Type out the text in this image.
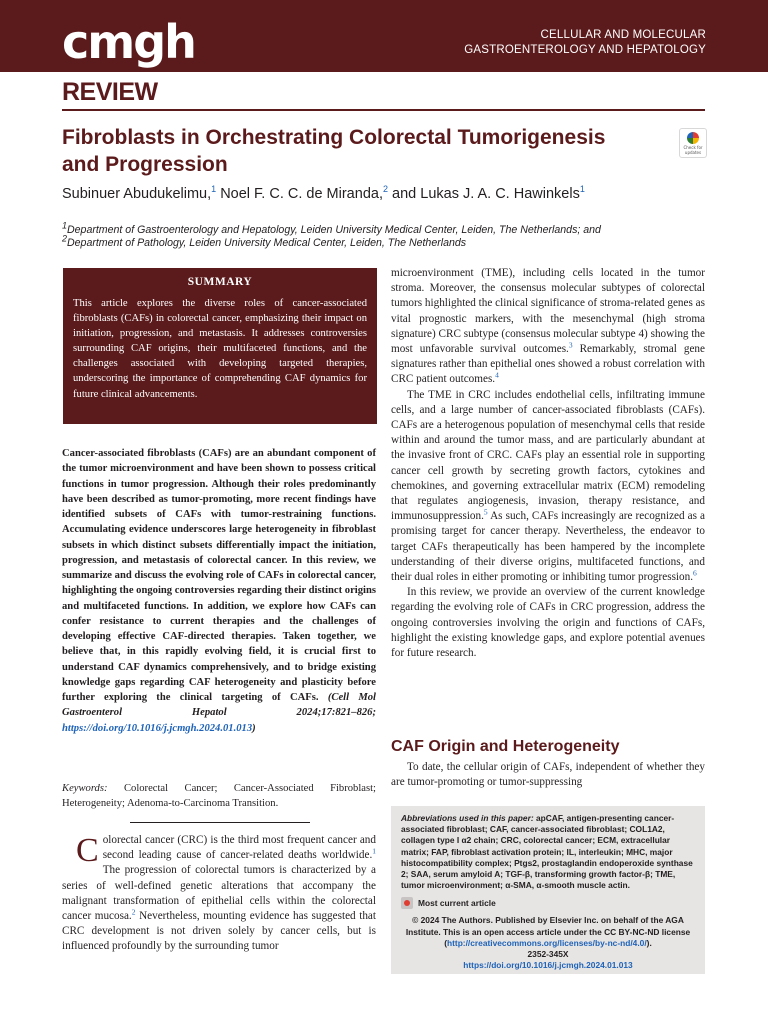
cmgh	CELLULAR AND MOLECULAR
GASTROENTEROLOGY AND HEPATOLOGY
REVIEW
Fibroblasts in Orchestrating Colorectal Tumorigenesis and Progression
Check for updates
Subinuer Abudukelimu,$^1$ Noel F. C. C. de Miranda,$^2$ and Lukas J. A. C. Hawinkels$^1$
$^1$Department of Gastroenterology and Hepatology, Leiden University Medical Center, Leiden, The Netherlands; and
$^2$Department of Pathology, Leiden University Medical Center, Leiden, The Netherlands
SUMMARY

This article explores the diverse roles of cancer-associated fibroblasts (CAFs) in colorectal cancer, emphasizing their impact on initiation, progression, and metastasis. It addresses controversies surrounding CAF origins, their multifaceted functions, and the challenges associated with developing targeted therapies, underscoring the importance of comprehending CAF dynamics for future clinical advancements.

Cancer-associated fibroblasts (CAFs) are an abundant component of the tumor microenvironment and have been shown to possess critical functions in tumor progression. Although their roles predominantly have been described as tumor-promoting, more recent findings have identified subsets of CAFs with tumor-restraining functions. Accumulating evidence underscores large heterogeneity in fibroblast subsets in which distinct subsets differentially impact the initiation, progression, and metastasis of colorectal cancer. In this review, we summarize and discuss the evolving role of CAFs in colorectal cancer, highlighting the ongoing controversies regarding their distinct origins and multifaceted functions. In addition, we explore how CAFs can confer resistance to current therapies and the challenges of developing effective CAF-directed therapies. Taken together, we believe that, in this rapidly evolving field, it is crucial first to understand CAF dynamics comprehensively, and to bridge existing knowledge gaps regarding CAF heterogeneity and plasticity before further exploring the clinical targeting of CAFs. (Cell Mol Gastroenterol Hepatol 2024;17:821–826; https://doi.org/10.1016/j.jcmgh.2024.01.013)

Keywords: Colorectal Cancer; Cancer-Associated Fibroblast; Heterogeneity; Adenoma-to-Carcinoma Transition.

Colorectal cancer (CRC) is the third most frequent cancer and second leading cause of cancer-related deaths worldwide.$^1$ The progression of colorectal tumors is characterized by a series of well-defined genetic alterations that accompany the malignant transformation of epithelial cells within the colorectal cancer mucosa.$^2$ Nevertheless, mounting evidence has suggested that CRC development is not driven solely by cancer cells, but is influenced profoundly by the surrounding tumor

microenvironment (TME), including cells located in the tumor stroma. Moreover, the consensus molecular subtypes of colorectal tumors highlighted the clinical significance of stroma-related genes as vital prognostic markers, with the mesenchymal (high stroma signature) CRC subtype (consensus molecular subtype 4) showing the most unfavorable survival outcomes.$^3$ Remarkably, stromal gene signatures rather than epithelial ones showed a robust correlation with CRC patient outcomes.$^4$

The TME in CRC includes endothelial cells, infiltrating immune cells, and a large number of cancer-associated fibroblasts (CAFs). CAFs are a heterogenous population of mesenchymal cells that reside within and around the tumor mass, and are particularly abundant at the invasive front of CRC. CAFs play an essential role in supporting cancer cell growth by secreting growth factors, cytokines and chemokines, and governing extracellular matrix (ECM) remodeling that regulates angiogenesis, invasion, therapy resistance, and immunosuppression.$^5$ As such, CAFs increasingly are recognized as a promising target for cancer therapy. Nevertheless, the endeavor to target CAFs therapeutically has been hampered by the incomplete understanding of their diverse origins, multifaceted functions, and their dual roles in either promoting or inhibiting tumor progression.$^6$

In this review, we provide an overview of the current knowledge regarding the evolving role of CAFs in CRC progression, address the ongoing controversies involving the origin and functions of CAFs, highlight the existing knowledge gaps, and explore potential avenues for future research.

CAF Origin and Heterogeneity

To date, the cellular origin of CAFs, independent of whether they are tumor-promoting or tumor-suppressing

Abbreviations used in this paper: apCAF, antigen-presenting cancer-associated fibroblast; CAF, cancer-associated fibroblast; COL1A2, collagen type I α2 chain; CRC, colorectal cancer; ECM, extracellular matrix; FAP, fibroblast activation protein; IL, interleukin; MHC, major histocompatibility complex; Ptgs2, prostaglandin endoperoxide synthase 2; SAA, serum amyloid A; TGF-β, transforming growth factor-β; TME, tumor microenvironment; α-SMA, α-smooth muscle actin.

Most current article

© 2024 The Authors. Published by Elsevier Inc. on behalf of the AGA Institute. This is an open access article under the CC BY-NC-ND license (http://creativecommons.org/licenses/by-nc-nd/4.0/).
2352-345X
https://doi.org/10.1016/j.jcmgh.2024.01.013
